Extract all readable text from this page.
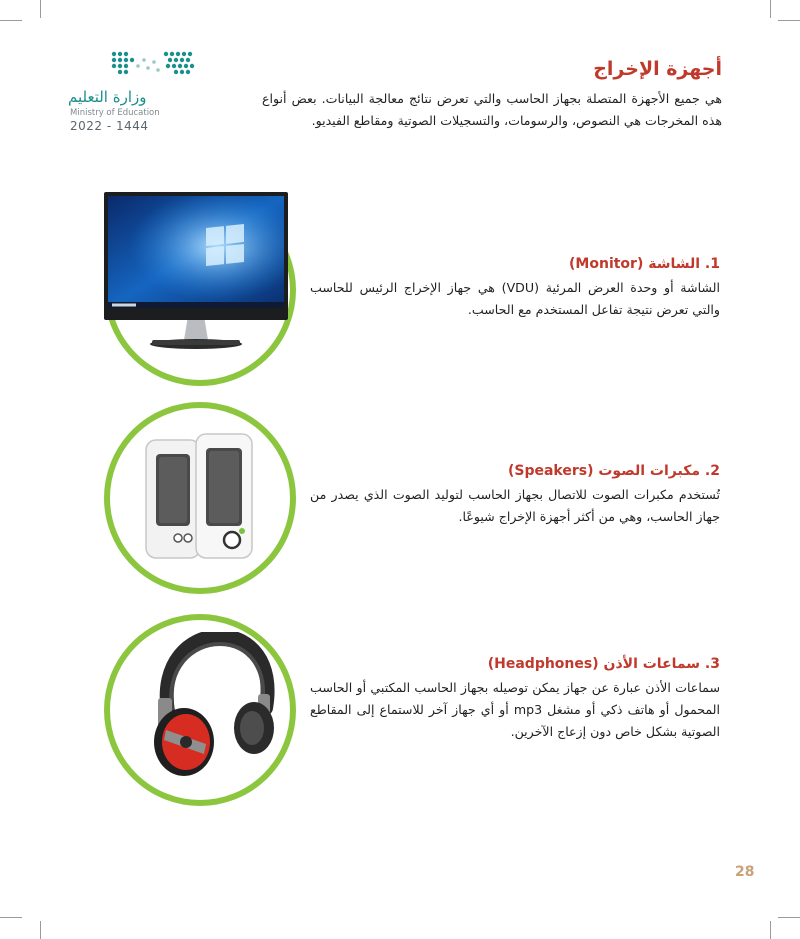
وزارة التعليم
Ministry of Education
2022 - 1444
أجهزة الإخراج
هي جميع الأجهزة المتصلة بجهاز الحاسب والتي تعرض نتائج معالجة البيانات. بعض أنواع هذه المخرجات هي النصوص، والرسومات، والتسجيلات الصوتية ومقاطع الفيديو.
1. الشاشة (Monitor)

الشاشة أو وحدة العرض المرئية (VDU) هي جهاز الإخراج الرئيس للحاسب والتي تعرض نتيجة تفاعل المستخدم مع الحاسب.

2. مكبرات الصوت (Speakers)

تُستخدم مكبرات الصوت للاتصال بجهاز الحاسب لتوليد الصوت الذي يصدر من جهاز الحاسب، وهي من أكثر أجهزة الإخراج شيوعًا.

3. سماعات الأذن (Headphones)

سماعات الأذن عبارة عن جهاز يمكن توصيله بجهاز الحاسب المكتبي أو الحاسب المحمول أو هاتف ذكي أو مشغل mp3 أو أي جهاز آخر للاستماع إلى المقاطع الصوتية بشكل خاص دون إزعاج الآخرين.

28
